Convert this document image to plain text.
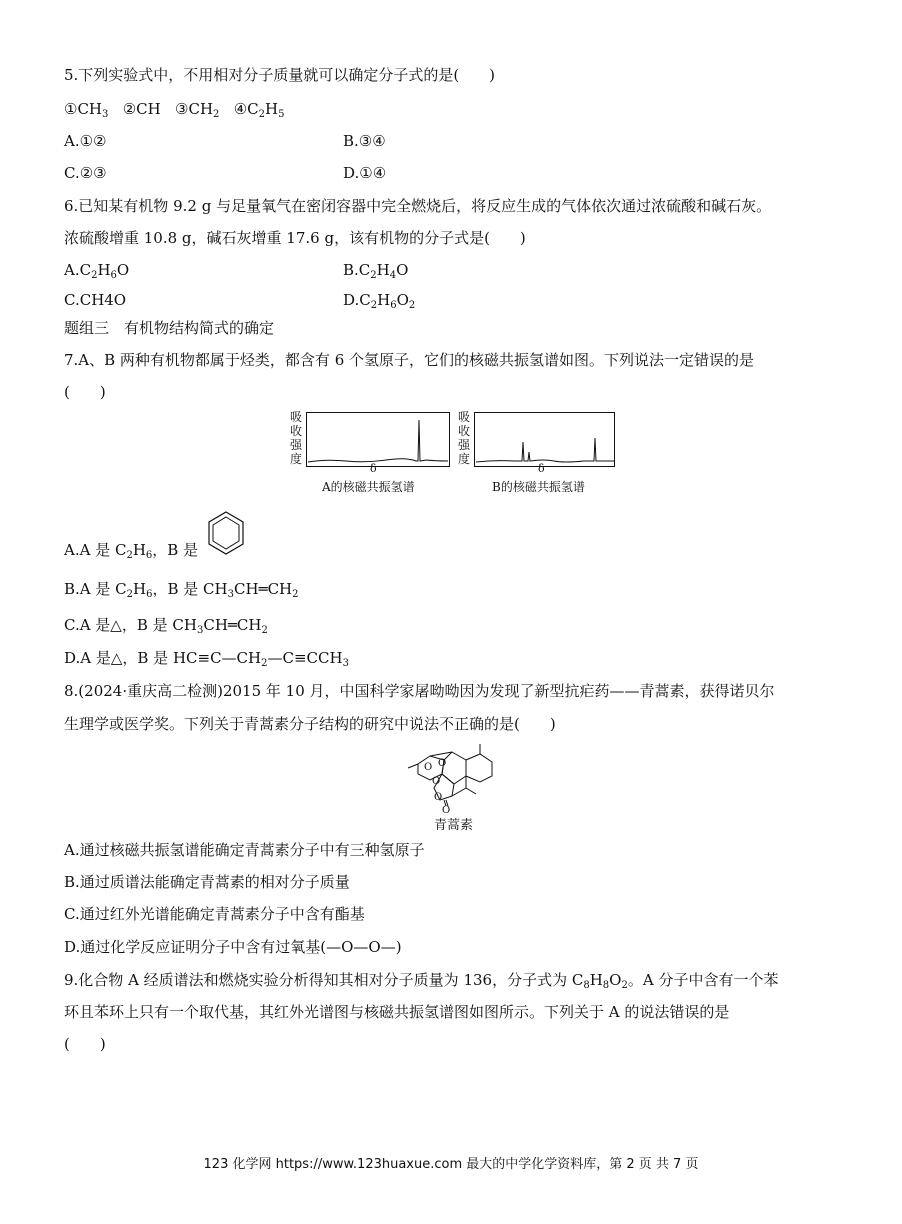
5.下列实验式中，不用相对分子质量就可以确定分子式的是(　　)
$①CH_3$ ②CH $③CH_2$ $④C_2H_5$
A.①②	B.③④
C.②③	D.①④
6.已知某有机物 9.2 g 与足量氧气在密闭容器中完全燃烧后，将反应生成的气体依次通过浓硫酸和碱石灰。
浓硫酸增重 10.8 g，碱石灰增重 17.6 g，该有机物的分子式是(　　)
$A.C_2H_6O$	$B.C_2H_4O$
C.CH4O	$D.C_2H_6O_2$
题组三　有机物结构简式的确定
7.A、B 两种有机物都属于烃类，都含有 6 个氢原子，它们的核磁共振氢谱如图。下列说法一定错误的是
(　　)
吸
收
强
度
δ
A的核磁共振氢谱
吸
收
强
度
δ
B的核磁共振氢谱
A.A 是 $C_2H_6$，B 是
B.A 是 $C_2H_6$，B 是 $CH_3CH═CH_2$
C.A 是△，B 是 $CH_3CH═CH_2$
D.A 是△，B 是 $HC\equiv C—CH_2—C\equiv CCH_3$
8.(2024·重庆高二检测)2015 年 10 月，中国科学家屠呦呦因为发现了新型抗疟药——青蒿素，获得诺贝尔
生理学或医学奖。下列关于青蒿素分子结构的研究中说法不正确的是(　　)
O
O
O
O
O
青蒿素
A.通过核磁共振氢谱能确定青蒿素分子中有三种氢原子
B.通过质谱法能确定青蒿素的相对分子质量
C.通过红外光谱能确定青蒿素分子中含有酯基
D.通过化学反应证明分子中含有过氧基(—O—O—)
9.化合物 A 经质谱法和燃烧实验分析得知其相对分子质量为 136，分子式为 $C_8H_8O_2$。A 分子中含有一个苯
环且苯环上只有一个取代基，其红外光谱图与核磁共振氢谱图如图所示。下列关于 A 的说法错误的是
(　　)
123 化学网 https://www.123huaxue.com 最大的中学化学资料库，第 2 页 共 7 页
